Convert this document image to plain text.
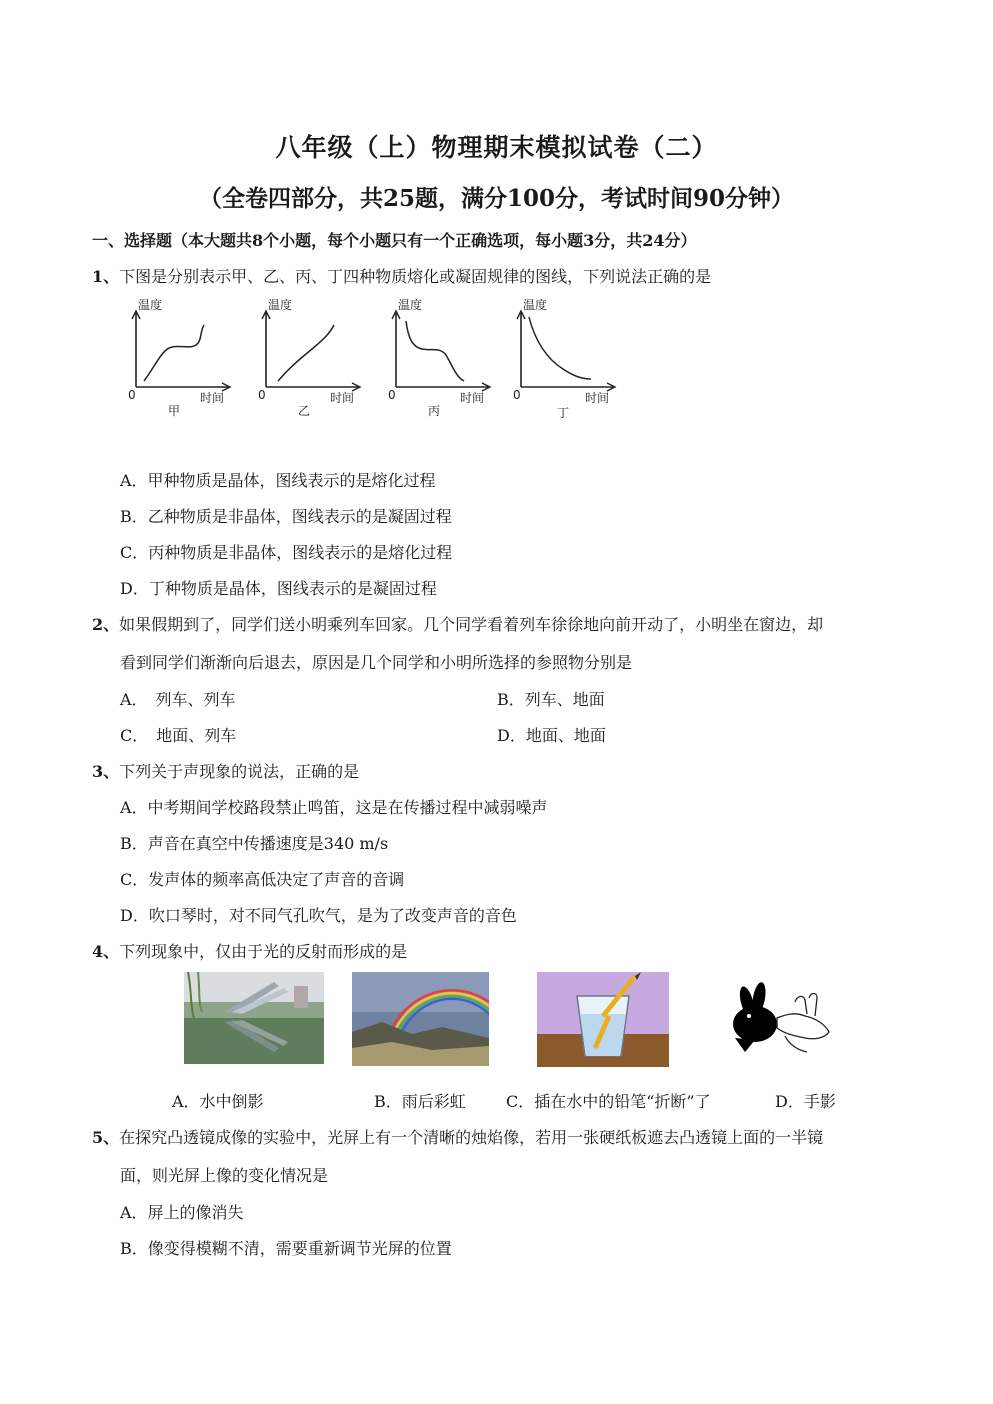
八年级（上）物理期末模拟试卷（二）
（全卷四部分，共25题，满分100分，考试时间90分钟）
一、选择题（本大题共8个小题，每个小题只有一个正确选项，每小题3分，共24分）
1、下图是分别表示甲、乙、丙、丁四种物质熔化或凝固规律的图线，下列说法正确的是
温度
0	时间
甲
温度
0	时间
乙
温度
0	时间
丙
温度
0	时间
丁
A．甲种物质是晶体，图线表示的是熔化过程
B．乙种物质是非晶体，图线表示的是凝固过程
C．丙种物质是非晶体，图线表示的是熔化过程
D．丁种物质是晶体，图线表示的是凝固过程
2、如果假期到了，同学们送小明乘列车回家。几个同学看着列车徐徐地向前开动了，小明坐在窗边，却
看到同学们渐渐向后退去，原因是几个同学和小明所选择的参照物分别是
A．　列车、列车	B．列车、地面
C．　地面、列车	D．地面、地面
3、下列关于声现象的说法，正确的是
A．中考期间学校路段禁止鸣笛，这是在传播过程中减弱噪声
B．声音在真空中传播速度是340 m/s
C．发声体的频率高低决定了声音的音调
D．吹口琴时，对不同气孔吹气，是为了改变声音的音色
4、下列现象中，仅由于光的反射而形成的是
A．水中倒影	B．雨后彩虹	C．插在水中的铅笔“折断”了	D．手影
5、在探究凸透镜成像的实验中，光屏上有一个清晰的烛焰像，若用一张硬纸板遮去凸透镜上面的一半镜
面，则光屏上像的变化情况是
A．屏上的像消失
B．像变得模糊不清，需要重新调节光屏的位置
